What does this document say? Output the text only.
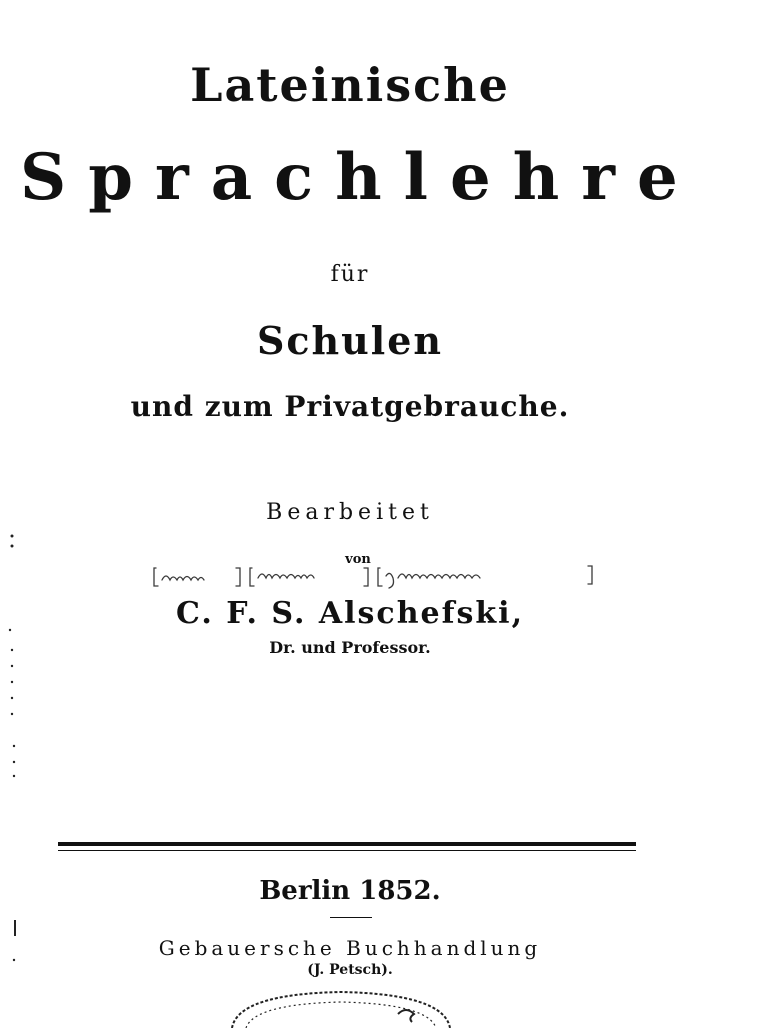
Lateinische
Sprachlehre
für
Schulen
und zum Privatgebrauche.
Bearbeitet
von
C. F. S. Alschefski,
Dr. und Professor.
Berlin 1852.
Gebauersche Buchhandlung
(J. Petsch).
